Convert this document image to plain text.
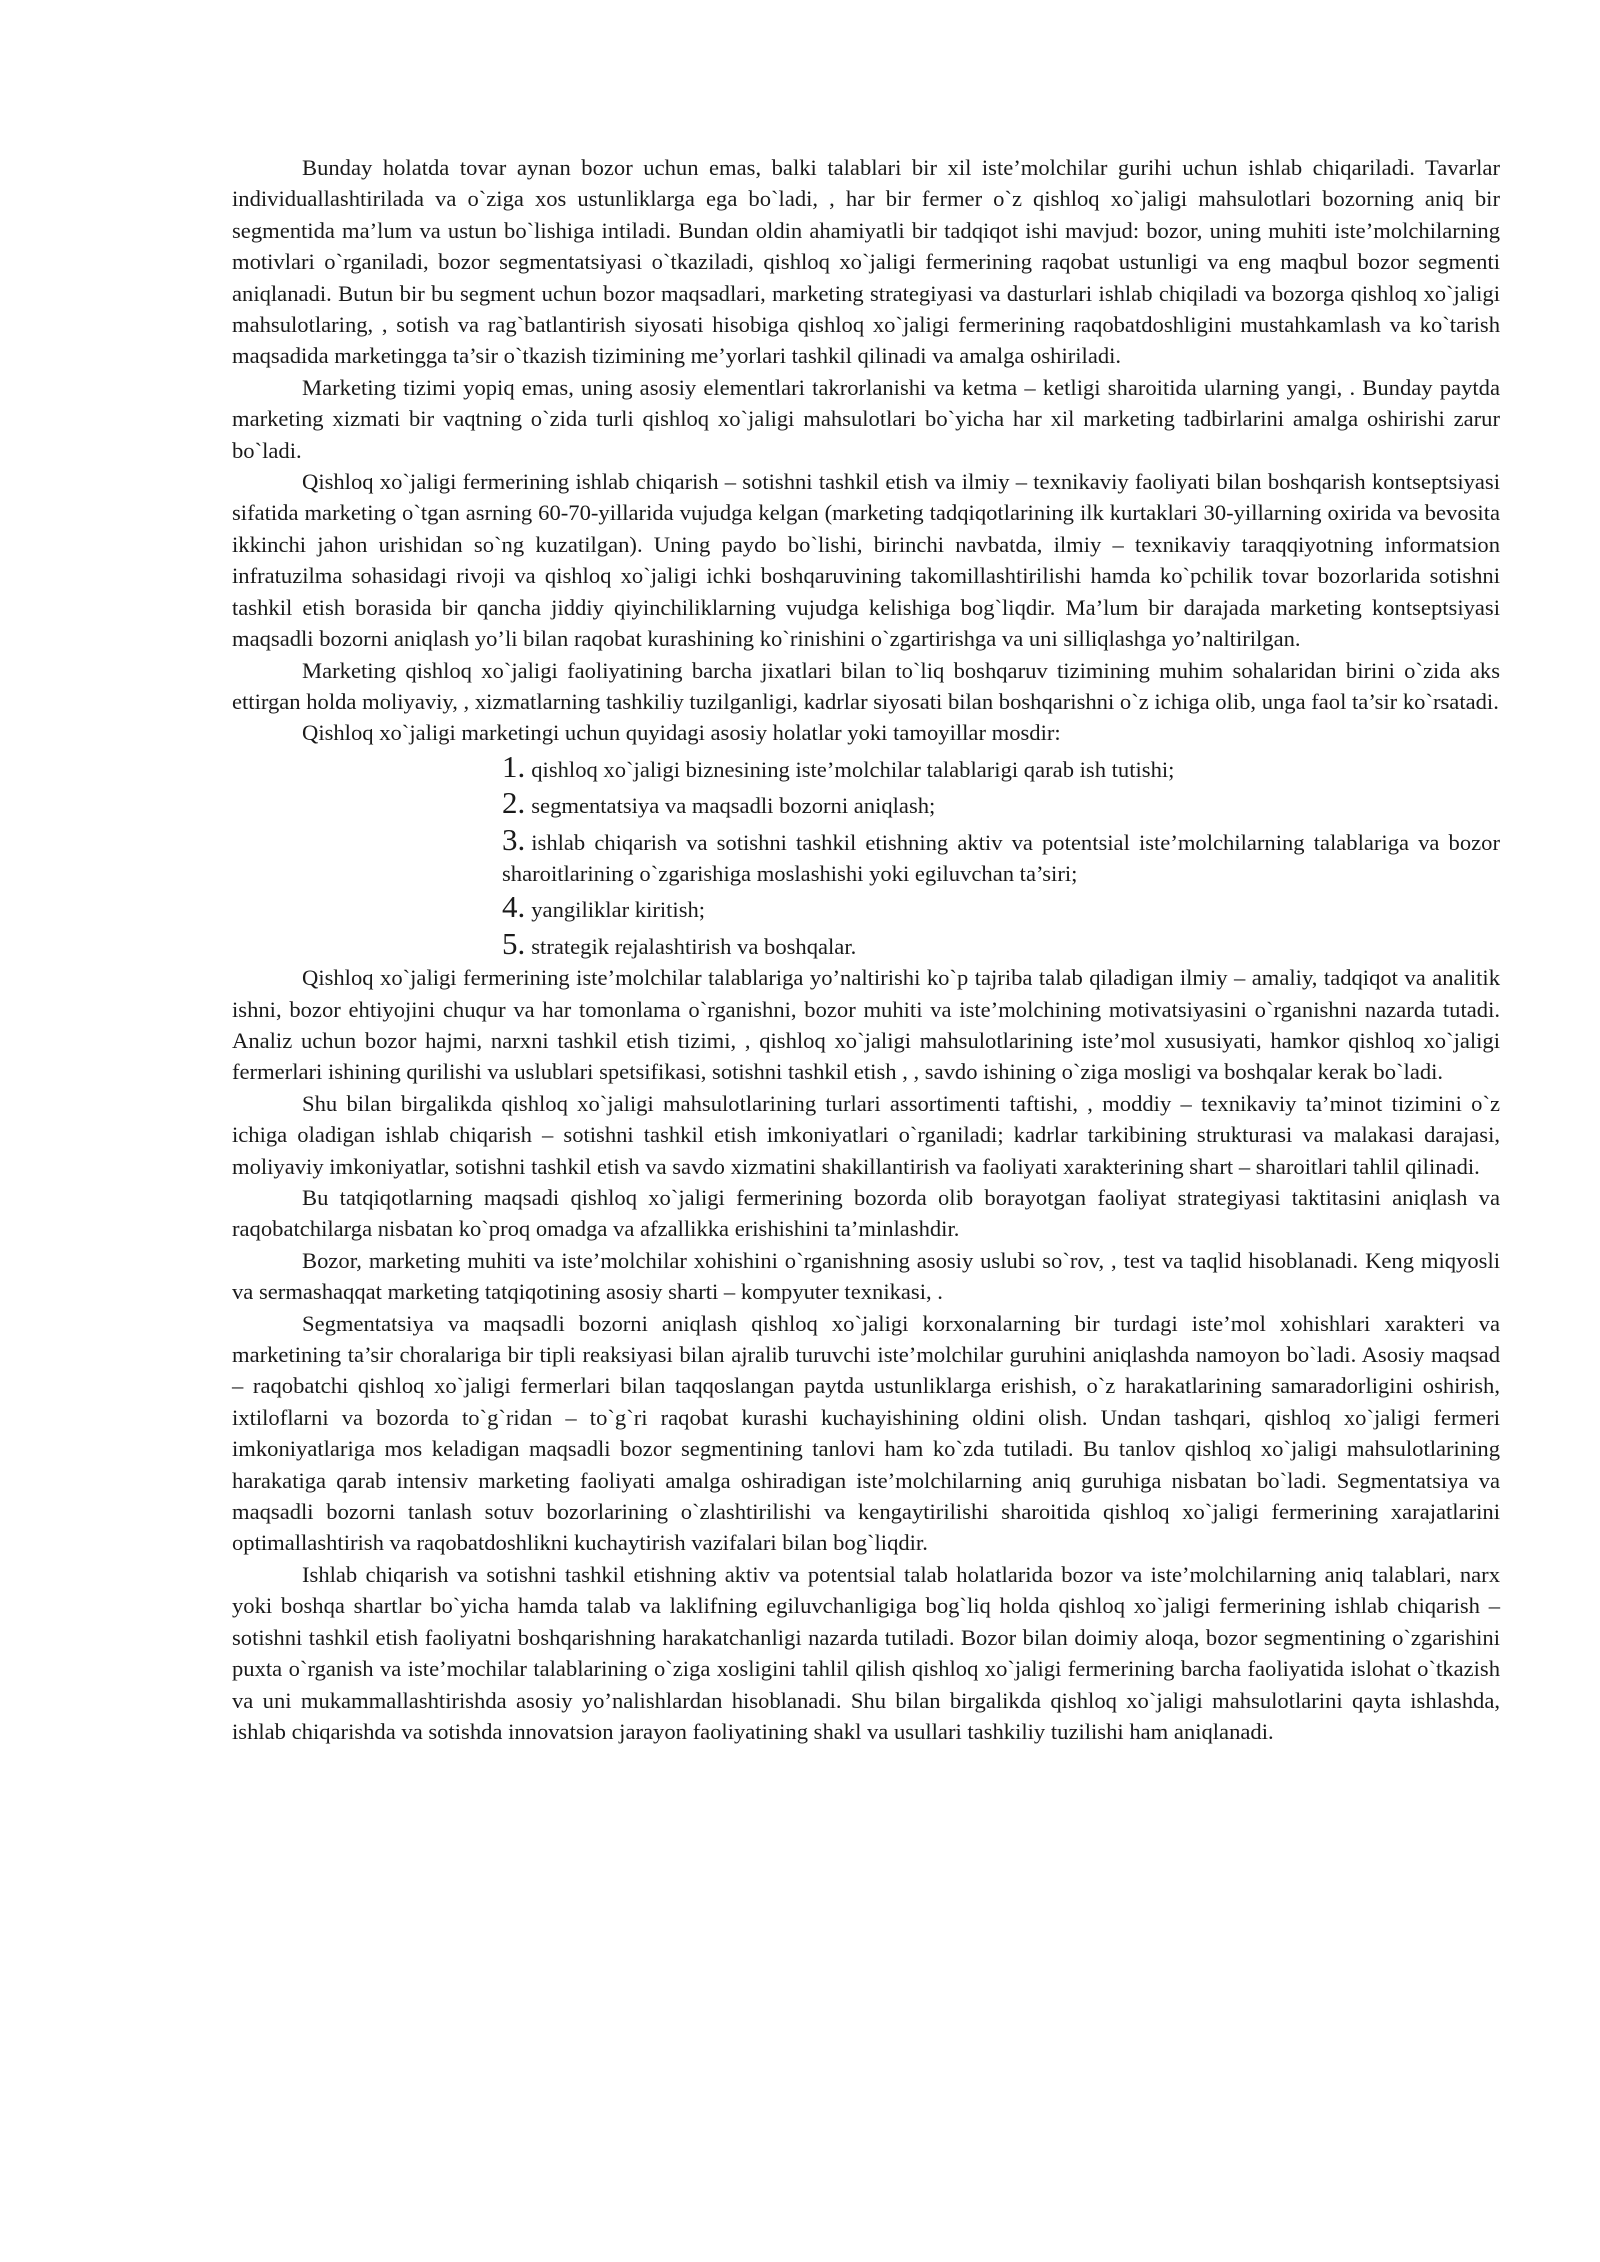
Bunday holatda tovar aynan bozor uchun emas, balki talablari bir xil iste’molchilar gurihi uchun ishlab chiqariladi. Tavarlar individuallashtirilada va o`ziga xos ustunliklarga ega bo`ladi, , har bir fermer o`z qishloq xo`jaligi mahsulotlari bozorning aniq bir segmentida ma’lum va ustun bo`lishiga intiladi. Bundan oldin ahamiyatli bir tadqiqot ishi mavjud: bozor, uning muhiti iste’molchilarning motivlari o`rganiladi, bozor segmentatsiyasi o`tkaziladi, qishloq xo`jaligi fermerining raqobat ustunligi va eng maqbul bozor segmenti aniqlanadi. Butun bir bu segment uchun bozor maqsadlari, marketing strategiyasi va dasturlari ishlab chiqiladi va bozorga qishloq xo`jaligi mahsulotlaring, , sotish va rag`batlantirish siyosati hisobiga qishloq xo`jaligi fermerining raqobatdoshligini mustahkamlash va ko`tarish maqsadida marketingga ta’sir o`tkazish tizimining me’yorlari tashkil qilinadi va amalga oshiriladi.

Marketing tizimi yopiq emas, uning asosiy elementlari takrorlanishi va ketma – ketligi sharoitida ularning yangi, . Bunday paytda marketing xizmati bir vaqtning o`zida turli qishloq xo`jaligi mahsulotlari bo`yicha har xil marketing tadbirlarini amalga oshirishi zarur bo`ladi.

Qishloq xo`jaligi fermerining ishlab chiqarish – sotishni tashkil etish va ilmiy – texnikaviy faoliyati bilan boshqarish kontseptsiyasi sifatida marketing o`tgan asrning 60-70-yillarida vujudga kelgan (marketing tadqiqotlarining ilk kurtaklari 30-yillarning oxirida va bevosita ikkinchi jahon urishidan so`ng kuzatilgan). Uning paydo bo`lishi, birinchi navbatda, ilmiy – texnikaviy taraqqiyotning informatsion infratuzilma sohasidagi rivoji va qishloq xo`jaligi ichki boshqaruvining takomillashtirilishi hamda ko`pchilik tovar bozorlarida sotishni tashkil etish borasida bir qancha jiddiy qiyinchiliklarning vujudga kelishiga bog`liqdir. Ma’lum bir darajada marketing kontseptsiyasi maqsadli bozorni aniqlash yo’li bilan raqobat kurashining ko`rinishini o`zgartirishga va uni silliqlashga yo’naltirilgan.

Marketing qishloq xo`jaligi faoliyatining barcha jixatlari bilan to`liq boshqaruv tizimining muhim sohalaridan birini o`zida aks ettirgan holda moliyaviy, , xizmatlarning tashkiliy tuzilganligi, kadrlar siyosati bilan boshqarishni o`z ichiga olib, unga faol ta’sir ko`rsatadi.

Qishloq xo`jaligi marketingi uchun quyidagi asosiy holatlar yoki tamoyillar mosdir:

1. qishloq xo`jaligi biznesining iste’molchilar talablarigi qarab ish tutishi;
2. segmentatsiya va maqsadli bozorni aniqlash;
3. ishlab chiqarish va sotishni tashkil etishning aktiv va potentsial iste’molchilarning talablariga va bozor sharoitlarining o`zgarishiga moslashishi yoki egiluvchan ta’siri;
4. yangiliklar kiritish;
5. strategik rejalashtirish va boshqalar.

Qishloq xo`jaligi fermerining iste’molchilar talablariga yo’naltirishi ko`p tajriba talab qiladigan ilmiy – amaliy, tadqiqot va analitik ishni, bozor ehtiyojini chuqur va har tomonlama o`rganishni, bozor muhiti va iste’molchining motivatsiyasini o`rganishni nazarda tutadi. Analiz uchun bozor hajmi, narxni tashkil etish tizimi, , qishloq xo`jaligi mahsulotlarining iste’mol xususiyati, hamkor qishloq xo`jaligi fermerlari ishining qurilishi va uslublari spetsifikasi, sotishni tashkil etish , , savdo ishining o`ziga mosligi va boshqalar kerak bo`ladi.

Shu bilan birgalikda qishloq xo`jaligi mahsulotlarining turlari assortimenti taftishi, , moddiy – texnikaviy ta’minot tizimini o`z ichiga oladigan ishlab chiqarish – sotishni tashkil etish imkoniyatlari o`rganiladi; kadrlar tarkibining strukturasi va malakasi darajasi, moliyaviy imkoniyatlar, sotishni tashkil etish va savdo xizmatini shakillantirish va faoliyati xarakterining shart – sharoitlari tahlil qilinadi.

Bu tatqiqotlarning maqsadi qishloq xo`jaligi fermerining bozorda olib borayotgan faoliyat strategiyasi taktitasini aniqlash va raqobatchilarga nisbatan ko`proq omadga va afzallikka erishishini ta’minlashdir.

Bozor, marketing muhiti va iste’molchilar xohishini o`rganishning asosiy uslubi so`rov, , test va taqlid hisoblanadi. Keng miqyosli va sermashaqqat marketing tatqiqotining asosiy sharti – kompyuter texnikasi, .

Segmentatsiya va maqsadli bozorni aniqlash qishloq xo`jaligi korxonalarning bir turdagi iste’mol xohishlari xarakteri va marketining ta’sir choralariga bir tipli reaksiyasi bilan ajralib turuvchi iste’molchilar guruhini aniqlashda namoyon bo`ladi. Asosiy maqsad – raqobatchi qishloq xo`jaligi fermerlari bilan taqqoslangan paytda ustunliklarga erishish, o`z harakatlarining samaradorligini oshirish, ixtiloflarni va bozorda to`g`ridan – to`g`ri raqobat kurashi kuchayishining oldini olish. Undan tashqari, qishloq xo`jaligi fermeri imkoniyatlariga mos keladigan maqsadli bozor segmentining tanlovi ham ko`zda tutiladi. Bu tanlov qishloq xo`jaligi mahsulotlarining harakatiga qarab intensiv marketing faoliyati amalga oshiradigan iste’molchilarning aniq guruhiga nisbatan bo`ladi. Segmentatsiya va maqsadli bozorni tanlash sotuv bozorlarining o`zlashtirilishi va kengaytirilishi sharoitida qishloq xo`jaligi fermerining xarajatlarini optimallashtirish va raqobatdoshlikni kuchaytirish vazifalari bilan bog`liqdir.

Ishlab chiqarish va sotishni tashkil etishning aktiv va potentsial talab holatlarida bozor va iste’molchilarning aniq talablari, narx yoki boshqa shartlar bo`yicha hamda talab va laklifning egiluvchanligiga bog`liq holda qishloq xo`jaligi fermerining ishlab chiqarish – sotishni tashkil etish faoliyatni boshqarishning harakatchanligi nazarda tutiladi. Bozor bilan doimiy aloqa, bozor segmentining o`zgarishini puxta o`rganish va iste’mochilar talablarining o`ziga xosligini tahlil qilish qishloq xo`jaligi fermerining barcha faoliyatida islohat o`tkazish va uni mukammallashtirishda asosiy yo’nalishlardan hisoblanadi. Shu bilan birgalikda qishloq xo`jaligi mahsulotlarini qayta ishlashda, ishlab chiqarishda va sotishda innovatsion jarayon faoliyatining shakl va usullari tashkiliy tuzilishi ham aniqlanadi.
